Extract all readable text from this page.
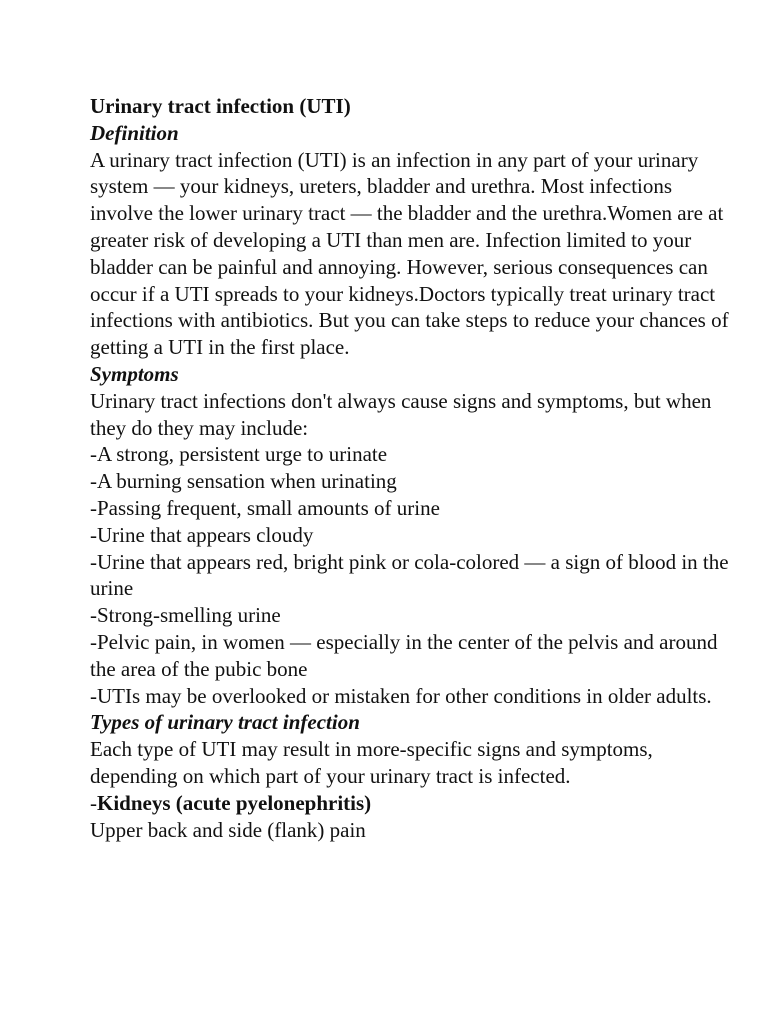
Urinary tract infection (UTI)

Definition

A urinary tract infection (UTI) is an infection in any part of your urinary system — your kidneys, ureters, bladder and urethra. Most infections involve the lower urinary tract — the bladder and the urethra.Women are at greater risk of developing a UTI than men are. Infection limited to your bladder can be painful and annoying. However, serious consequences can occur if a UTI spreads to your kidneys.Doctors typically treat urinary tract infections with antibiotics. But you can take steps to reduce your chances of getting a UTI in the first place.

Symptoms

Urinary tract infections don't always cause signs and symptoms, but when they do they may include:

-A strong, persistent urge to urinate

-A burning sensation when urinating

-Passing frequent, small amounts of urine

-Urine that appears cloudy

-Urine that appears red, bright pink or cola-colored — a sign of blood in the urine

-Strong-smelling urine

-Pelvic pain, in women — especially in the center of the pelvis and around the area of the pubic bone

-UTIs may be overlooked or mistaken for other conditions in older adults.

Types of urinary tract infection

Each type of UTI may result in more-specific signs and symptoms, depending on which part of your urinary tract is infected.

-Kidneys (acute pyelonephritis)

Upper back and side (flank) pain
